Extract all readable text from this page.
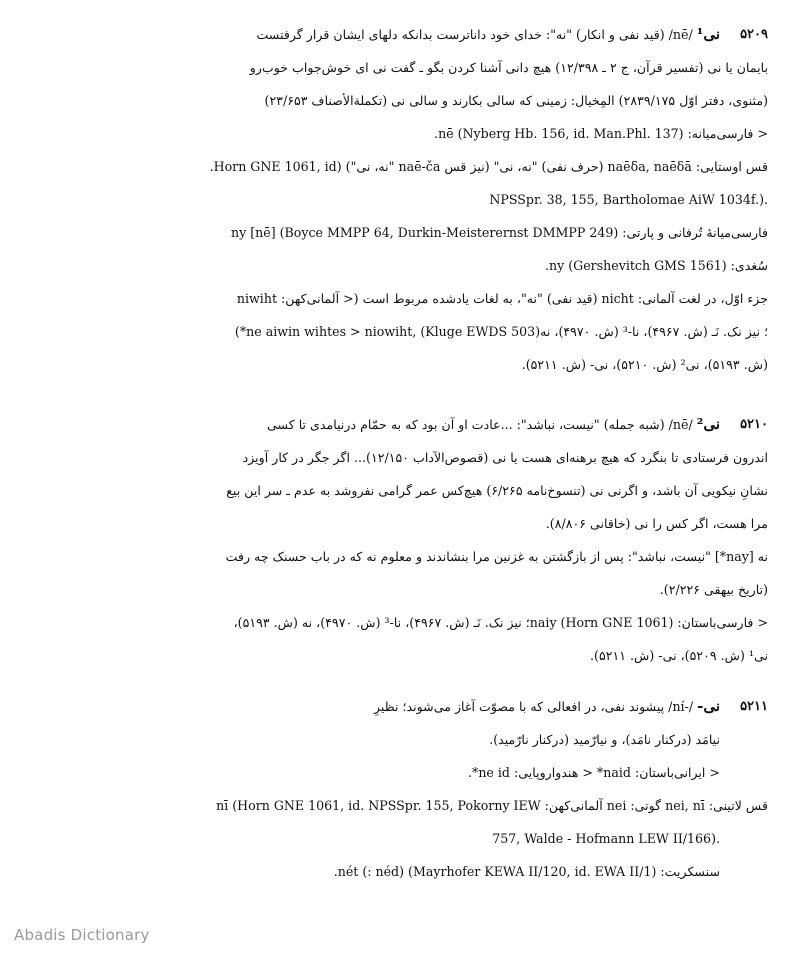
۵۲۰۹
نی¹ /nē/ (قید نفی و انکار) "نه": خدای خود داناترست بدانکه دلهای ایشان قرار گرفتست
بایمان یا نی (تفسیر قرآن، ج ۲ ـ ۱۲/۳۹۸) هیچ دانی آشنا کردن بگو ـ گفت نی ای خوش‌جواب خوب‌رو
(مثنوی، دفتر اوّل ۲۸۳۹/۱۷۵) المِخیال: زمینی که سالی بکارند و سالی نی (تکملة‌الأصناف ۲۳/۶۵۳)
< فارسی‌میانه: nē (Nyberg Hb. 156, id. Man.Phl. 137).
قس اوستایی: naēδa, naēδā (حرف نفی) "نه، نی" (نیز قس naē-ča "نه، نی") (Horn GNE 1061, id.
NPSSpr. 38, 155, Bartholomae AiW 1034f.).
فارسی‌میانهٔ تُرفانی و پارتی: ny [nē] (Boyce MMPP 64, Durkin-Meisterernst DMMPP 249)
سُغدی: ny (Gershevitch GMS 1561).
جزء اوّل، در لغت آلمانی: nicht (قید نفی) "نه"، به لغات یادشده مربوط است (< آلمانی‌کهن: niwiht
(*ne aiwin wihtes > niowiht, (Kluge EWDS 503)؛ نیز نک. نَـ (ش. ۴۹۶۷)، نا-³ (ش. ۴۹۷۰)، نه
(ش. ۵۱۹۳)، نی² (ش. ۵۲۱۰)، نی- (ش. ۵۲۱۱).
۵۲۱۰
نی² /nē/ (شبه جمله) "نیست، نباشد": ...عادت او آن بود که به حمّام درنیامدی تا کسی
اندرون فرستادی تا بنگرد که هیچ برهنه‌ای هست یا نی (قصوص‌الآداب ۱۲/۱۵۰)... اگر جگر در کار آویزد
نشانِ نیکویی آن باشد، و اگرنی نی (تنسوخ‌نامه ۶/۲۶۵) هیچ‌کس عمر گرامی نفروشد به عدم ـ سر این بیع
مرا هست، اگر کس را نی (خاقانی ۸/۸۰۶).
نه [nay*] "نیست، نباشد": پس از بازگشتن به غزنین مرا بنشاندند و معلوم نه که در باب حسنک چه رفت
(تاریخ بیهقی ۲/۲۲۶).
< فارسی‌باستان: naiy (Horn GNE 1061)؛ نیز نک. نَـ (ش. ۴۹۶۷)، نا-³ (ش. ۴۹۷۰)، نه (ش. ۵۱۹۳)،
نی¹ (ش. ۵۲۰۹)، نی- (ش. ۵۲۱۱).
۵۲۱۱
نی- /-ní/ پیشوند نفی، در افعالی که با مصوّت آغاز می‌شوند؛ نظیرِ
نیامَد (درکنار نامَد)، و نیارّمید (درکنار نارّمید).
< ایرانی‌باستان: naid* < هندواروپایی: ne id*.
قس لاتینی: nei, nī گوتی: nei آلمانی‌کهن: nī (Horn GNE 1061, id. NPSSpr. 155, Pokorny IEW
757, Walde - Hofmann LEW II/166).
سنسکریت: nét (: néd) (Mayrhofer KEWA II/120, id. EWA II/1).
Abadis Dictionary
